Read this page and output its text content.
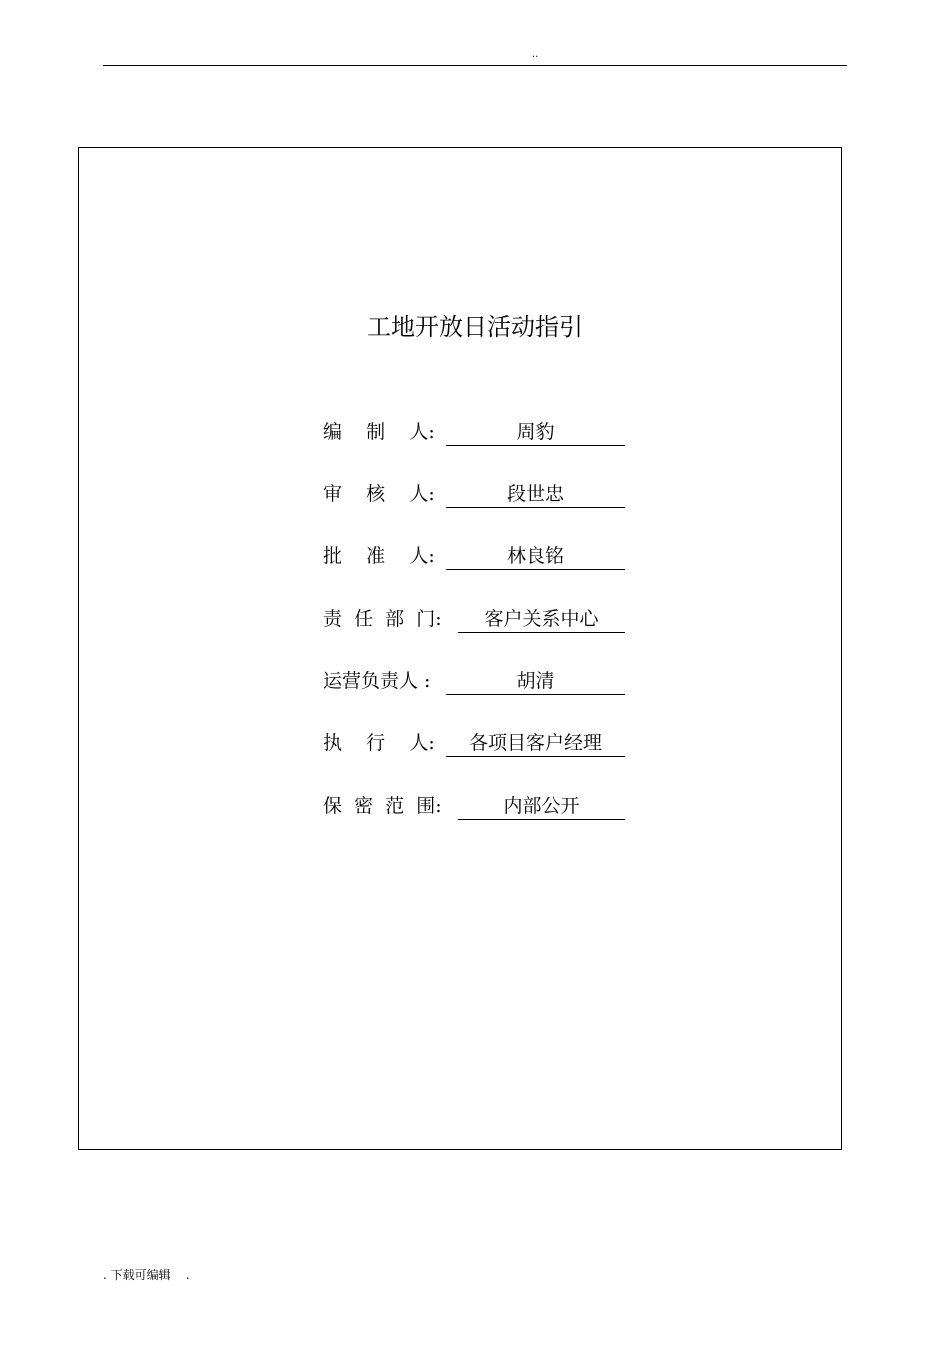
..
工地开放日活动指引
编    制    人:	周豹
审    核    人:	段世忠
批    准    人:	林良铭
责  任  部  门:	客户关系中心
运营负责人 :	胡清
执    行    人:	各项目客户经理
保  密  范  围:	内部公开
. 下载可编辑    .
